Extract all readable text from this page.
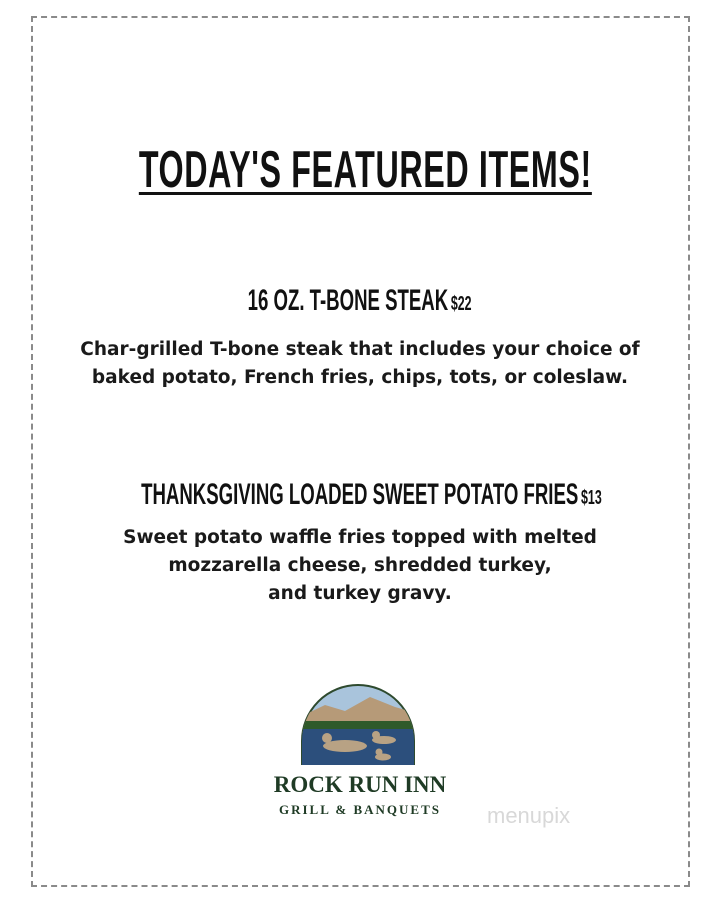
TODAY'S FEATURED ITEMS!
16 OZ. T-BONE STEAK $22
Char-grilled T-bone steak that includes your choice of
baked potato, French fries, chips, tots, or coleslaw.
THANKSGIVING LOADED SWEET POTATO FRIES $13
Sweet potato waffle fries topped with melted
mozzarella cheese, shredded turkey,
and turkey gravy.
ROCK RUN INN
GRILL & BANQUETS	menupix
